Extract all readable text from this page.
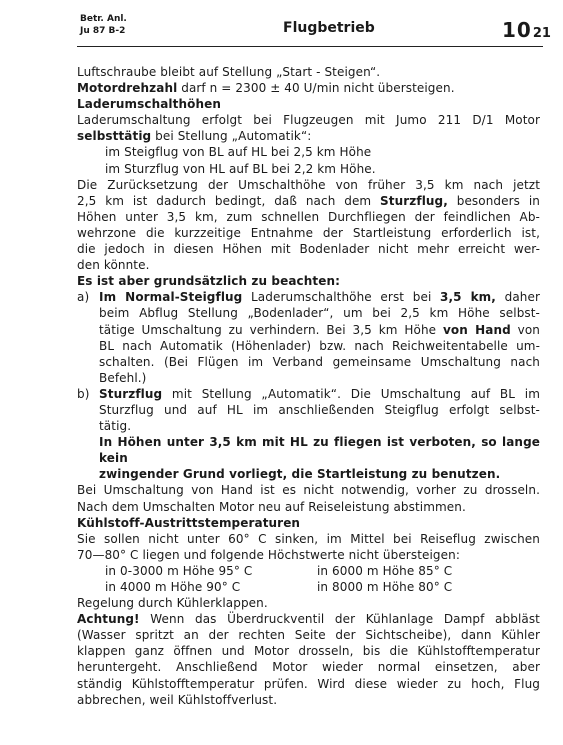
Betr. Anl.
Ju 87 B-2	Flugbetrieb	1021

Luftschraube bleibt auf Stellung „Start - Steigen“.

Motordrehzahl darf n = 2300 ± 40 U/min nicht übersteigen.

Laderumschalthöhen

Laderumschaltung erfolgt bei Flugzeugen mit Jumo 211 D/1 Motor

selbsttätig bei Stellung „Automatik“:

im Steigflug von BL auf HL bei 2,5 km Höhe

im Sturzflug von HL auf BL bei 2,2 km Höhe.

Die Zurücksetzung der Umschalthöhe von früher 3,5 km nach jetzt

2,5 km ist dadurch bedingt, daß nach dem Sturzflug, besonders in

Höhen unter 3,5 km, zum schnellen Durchfliegen der feindlichen Ab-

wehrzone die kurzzeitige Entnahme der Startleistung erforderlich ist,

die jedoch in diesen Höhen mit Bodenlader nicht mehr erreicht wer-

den könnte.

Es ist aber grundsätzlich zu beachten:

a) Im Normal-Steigflug Laderumschalthöhe erst bei 3,5 km, daher

beim Abflug Stellung „Bodenlader“, um bei 2,5 km Höhe selbst-

tätige Umschaltung zu verhindern. Bei 3,5 km Höhe von Hand von

BL nach Automatik (Höhenlader) bzw. nach Reichweitentabelle um-

schalten. (Bei Flügen im Verband gemeinsame Umschaltung nach

Befehl.)

b) Sturzflug mit Stellung „Automatik“. Die Umschaltung auf BL im

Sturzflug und auf HL im anschließenden Steigflug erfolgt selbst-

tätig.

In Höhen unter 3,5 km mit HL zu fliegen ist verboten, so lange kein

zwingender Grund vorliegt, die Startleistung zu benutzen.

Bei Umschaltung von Hand ist es nicht notwendig, vorher zu drosseln.

Nach dem Umschalten Motor neu auf Reiseleistung abstimmen.

Kühlstoff-Austrittstemperaturen

Sie sollen nicht unter 60° C sinken, im Mittel bei Reiseflug zwischen

70—80° C liegen und folgende Höchstwerte nicht übersteigen:

in 0-3000 m Höhe 95° C	in 6000 m Höhe 85° C
in 4000 m Höhe 90° C	in 8000 m Höhe 80° C

Regelung durch Kühlerklappen.

Achtung! Wenn das Überdruckventil der Kühlanlage Dampf abbläst

(Wasser spritzt an der rechten Seite der Sichtscheibe), dann Kühler

klappen ganz öffnen und Motor drosseln, bis die Kühlstofftemperatur

heruntergeht. Anschließend Motor wieder normal einsetzen, aber

ständig Kühlstofftemperatur prüfen. Wird diese wieder zu hoch, Flug

abbrechen, weil Kühlstoffverlust.
